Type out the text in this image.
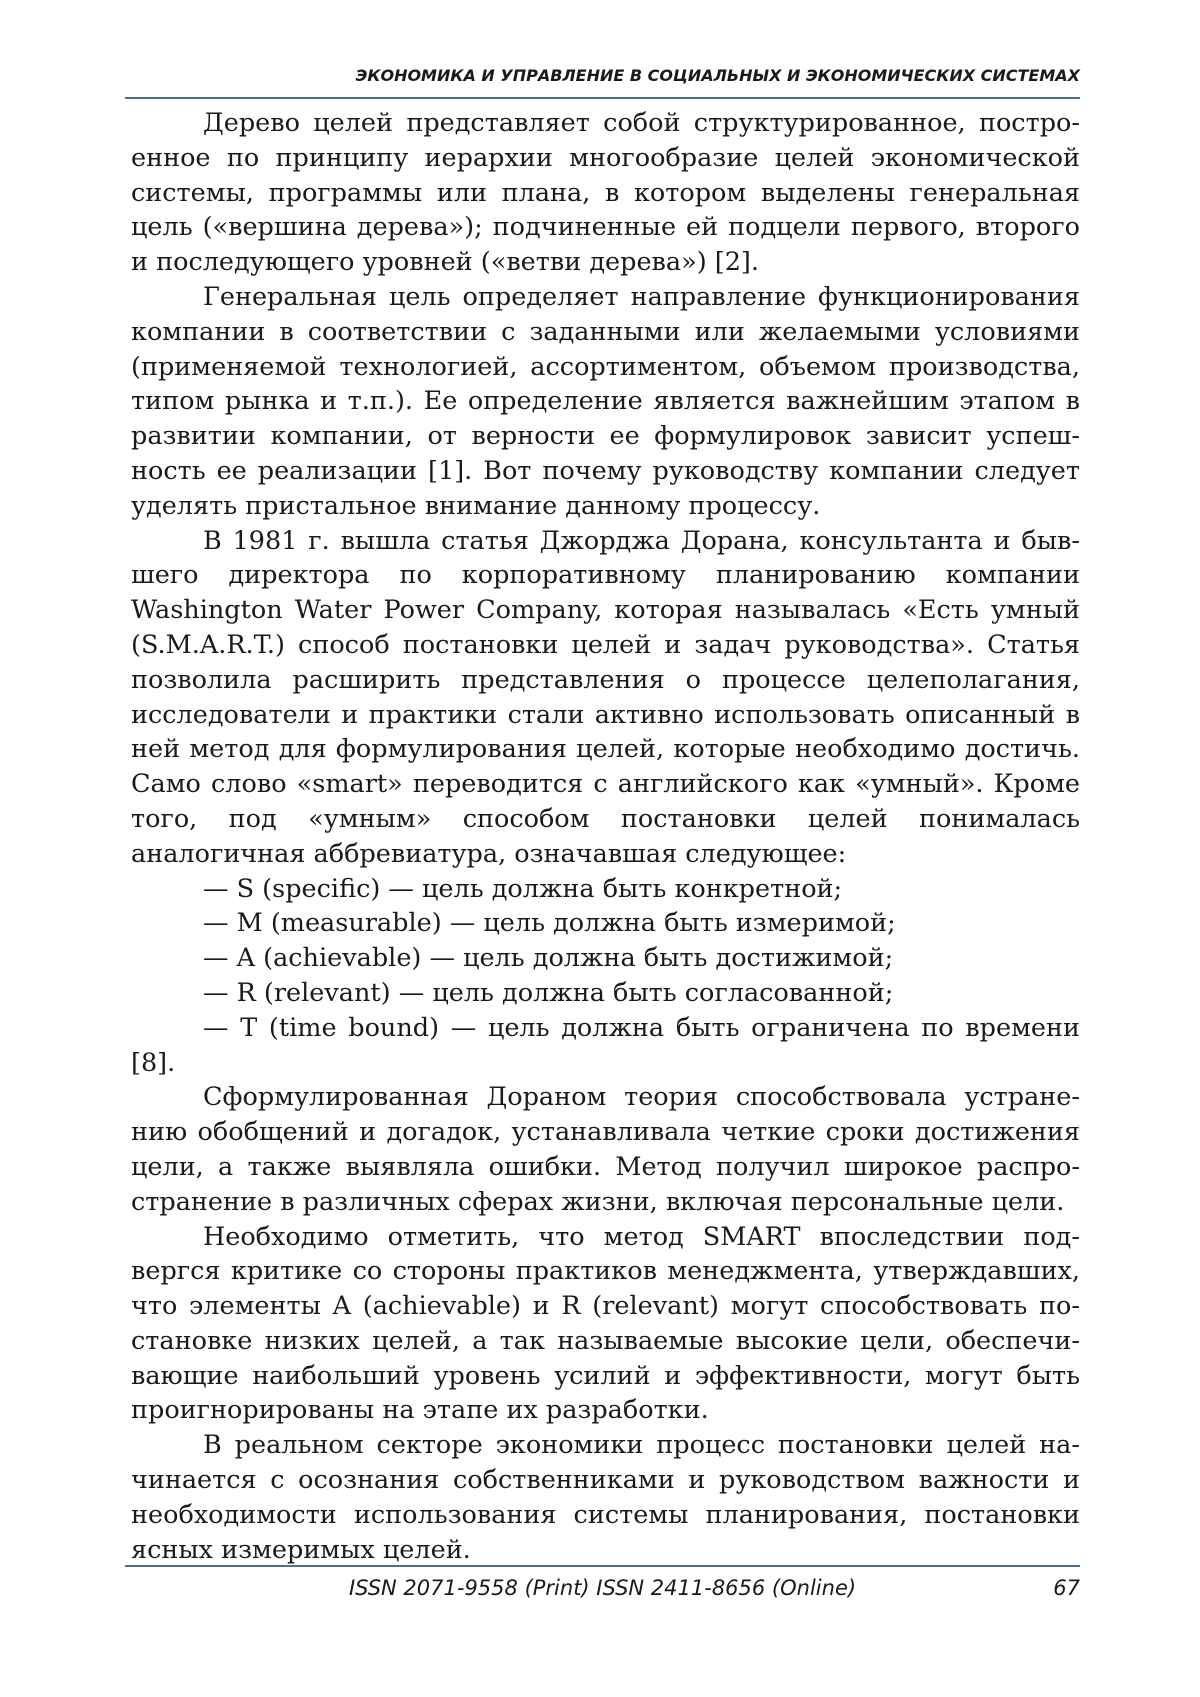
ЭКОНОМИКА И УПРАВЛЕНИЕ В СОЦИАЛЬНЫХ И ЭКОНОМИЧЕСКИХ СИСТЕМАХ

Дерево целей представляет собой структурированное, построенное по принципу иерархии многообразие целей экономической системы, программы или плана, в котором выделены генеральная цель («вершина дерева»); подчиненные ей подцели первого, второго и последующего уровней («ветви дерева») [2].

Генеральная цель определяет направление функционирования компании в соответствии с заданными или желаемыми условиями (применяемой технологией, ассортиментом, объемом производства, типом рынка и т.п.). Ее определение является важнейшим этапом в развитии компании, от верности ее формулировок зависит успешность ее реализации [1]. Вот почему руководству компании следует уделять пристальное внимание данному процессу.

В 1981 г. вышла статья Джорджа Дорана, консультанта и бывшего директора по корпоративному планированию компании Washington Water Power Company, которая называлась «Есть умный (S.M.A.R.T.) способ постановки целей и задач руководства». Статья позволила расширить представления о процессе целеполагания, исследователи и практики стали активно использовать описанный в ней метод для формулирования целей, которые необходимо достичь. Само слово «smart» переводится с английского как «умный». Кроме того, под «умным» способом постановки целей понималась аналогичная аббревиатура, означавшая следующее:

— S (specific) — цель должна быть конкретной;

— M (measurable) — цель должна быть измеримой;

— A (achievable) — цель должна быть достижимой;

— R (relevant) — цель должна быть согласованной;

— T (time bound) — цель должна быть ограничена по времени [8].

Сформулированная Дораном теория способствовала устранению обобщений и догадок, устанавливала четкие сроки достижения цели, а также выявляла ошибки. Метод получил широкое распространение в различных сферах жизни, включая персональные цели.

Необходимо отметить, что метод SMART впоследствии подвергся критике со стороны практиков менеджмента, утверждавших, что элементы A (achievable) и R (relevant) могут способствовать постановке низких целей, а так называемые высокие цели, обеспечивающие наибольший уровень усилий и эффективности, могут быть проигнорированы на этапе их разработки.

В реальном секторе экономики процесс постановки целей начинается с осознания собственниками и руководством важности и необходимости использования системы планирования, постановки ясных измеримых целей.

ISSN 2071-9558 (Print) ISSN 2411-8656 (Online)	67
